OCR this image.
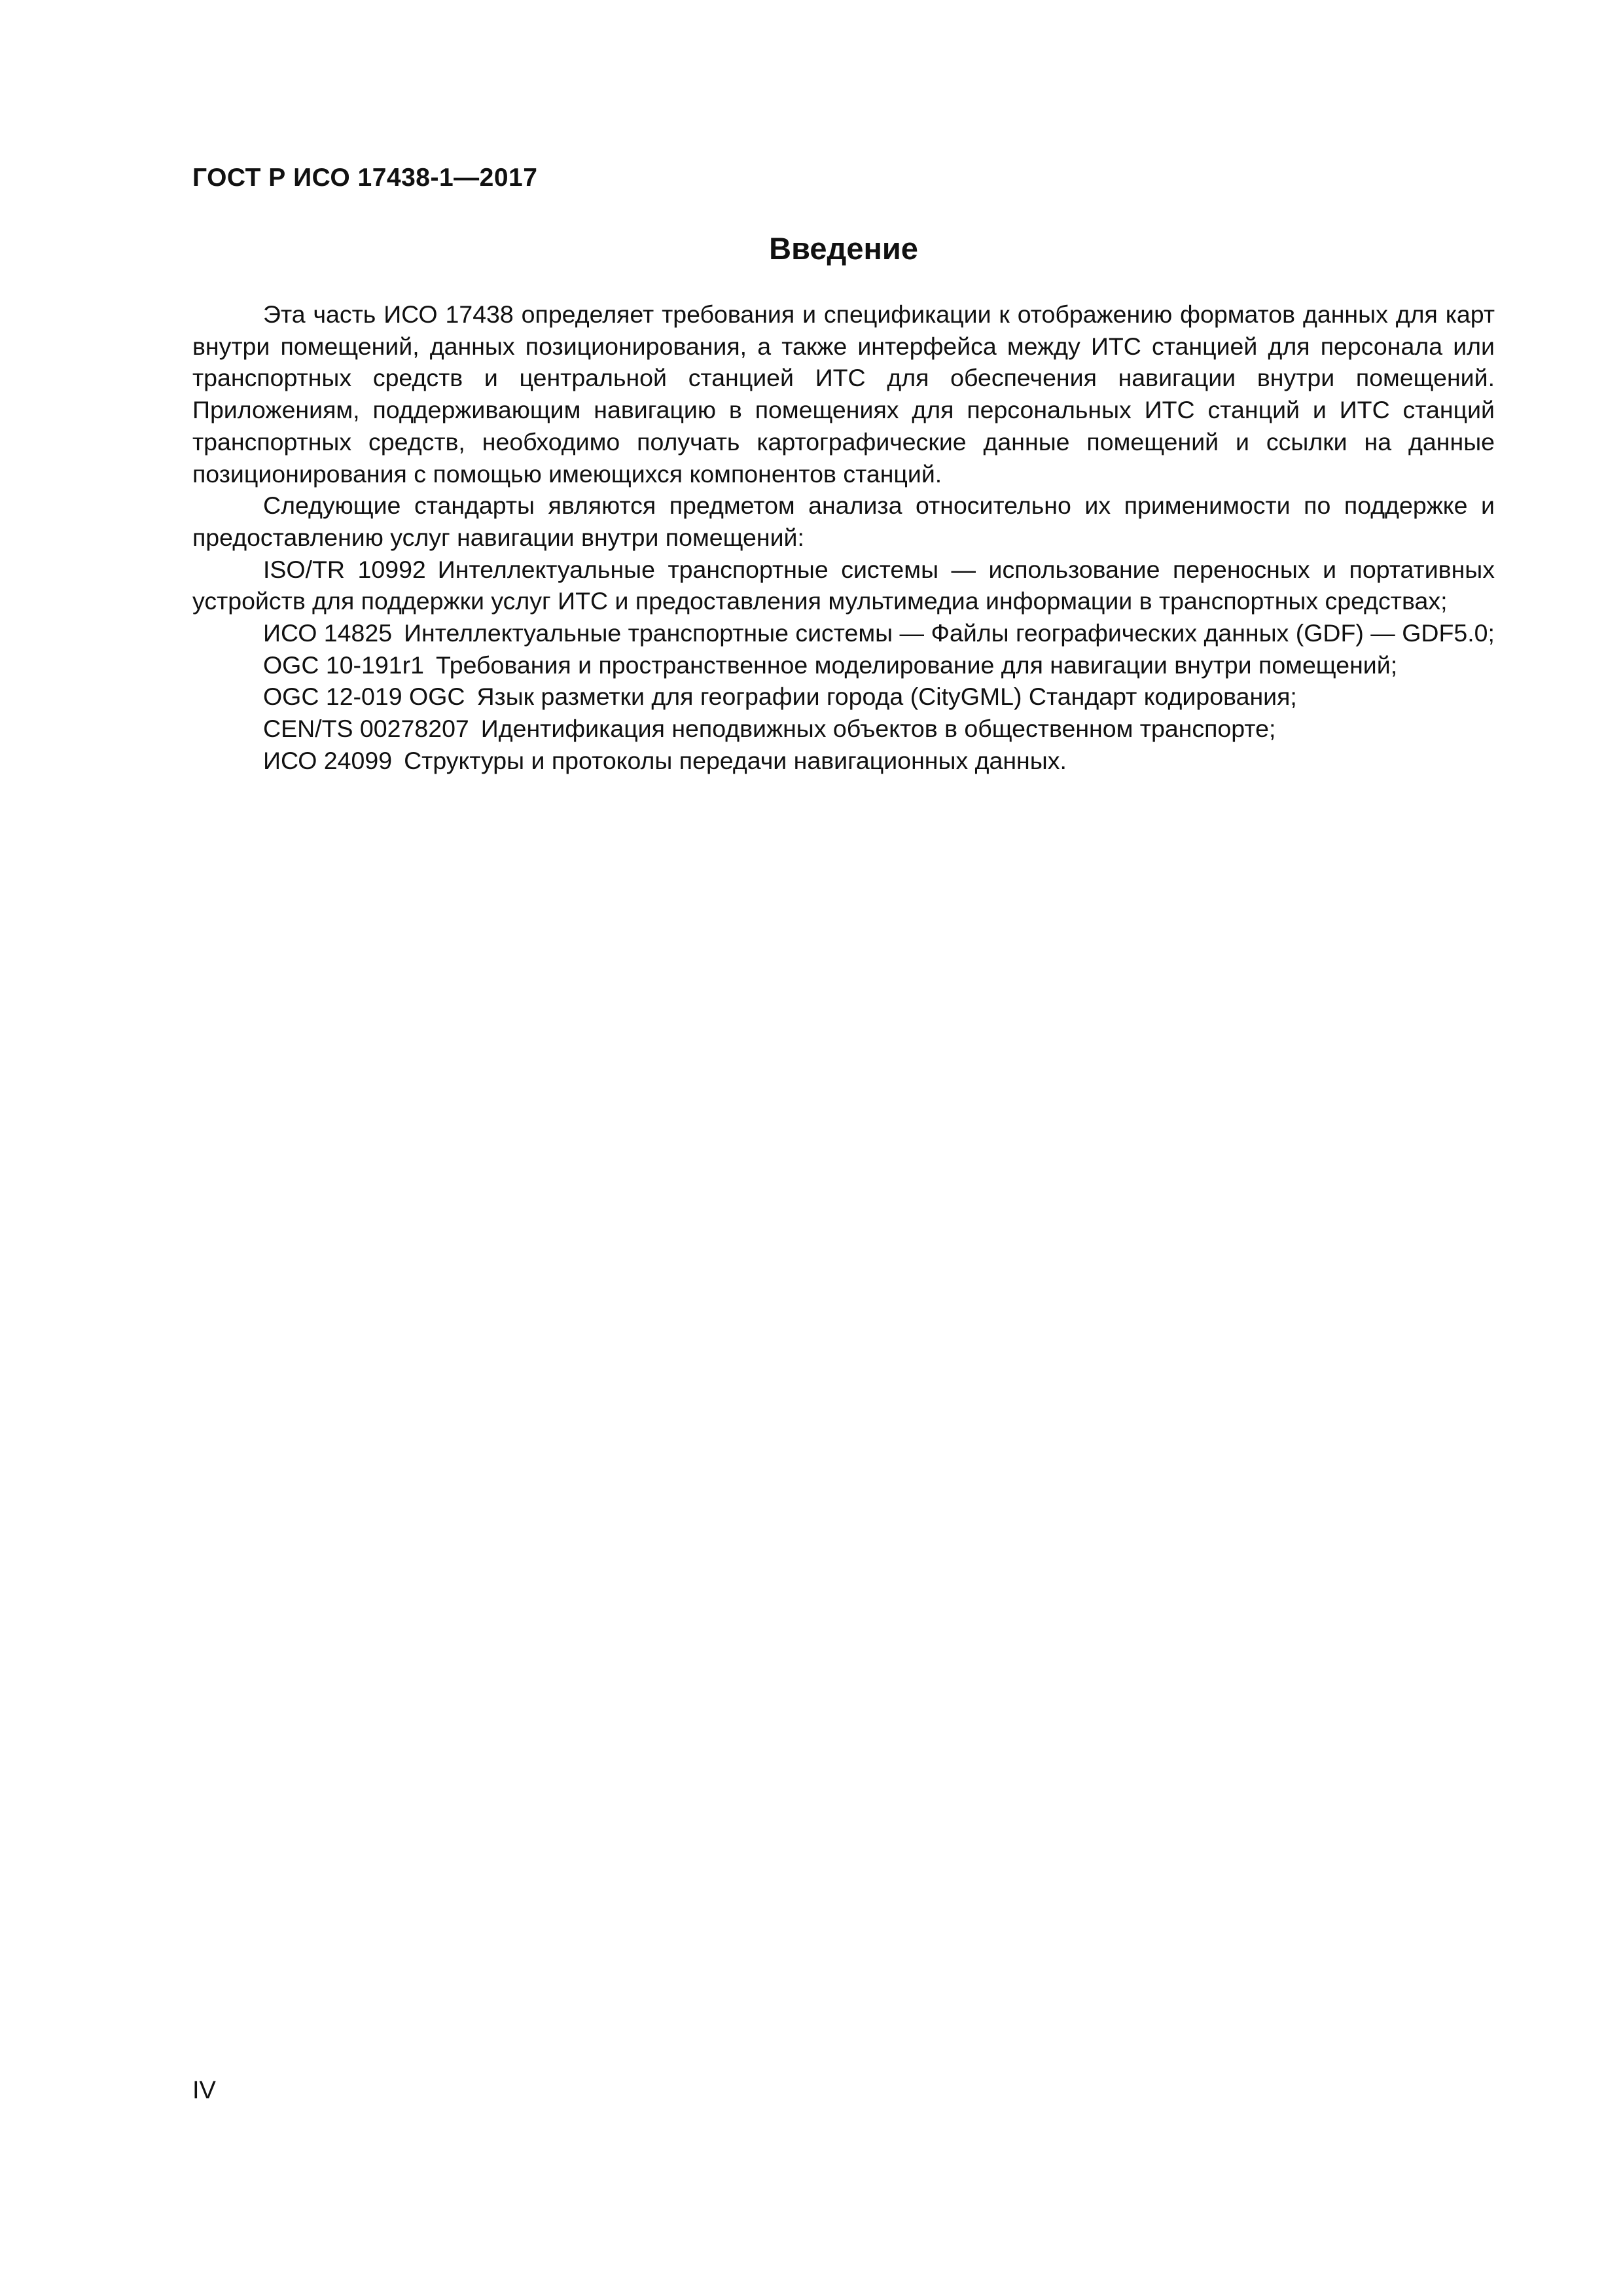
ГОСТ Р ИСО 17438-1—2017
Введение

Эта часть ИСО 17438 определяет требования и спецификации к отображению форматов данных для карт внутри помещений, данных позиционирования, а также интерфейса между ИТС станцией для персонала или транспортных средств и центральной станцией ИТС для обеспечения навигации внутри помещений. Приложениям, поддерживающим навигацию в помещениях для персональных ИТС станций и ИТС станций транспортных средств, необходимо получать картографические данные помещений и ссылки на данные позиционирования с помощью имеющихся компонентов станций.

Следующие стандарты являются предметом анализа относительно их применимости по поддержке и предоставлению услуг навигации внутри помещений:

ISO/TR 10992 Интеллектуальные транспортные системы — использование переносных и портативных устройств для поддержки услуг ИТС и предоставления мультимедиа информации в транспортных средствах;

ИСО 14825 Интеллектуальные транспортные системы — Файлы географических данных (GDF) — GDF5.0;

OGC 10-191r1 Требования и пространственное моделирование для навигации внутри помещений;

OGC 12-019 OGC Язык разметки для географии города (CityGML) Стандарт кодирования;

CEN/TS 00278207 Идентификация неподвижных объектов в общественном транспорте;

ИСО 24099 Структуры и протоколы передачи навигационных данных.

IV
